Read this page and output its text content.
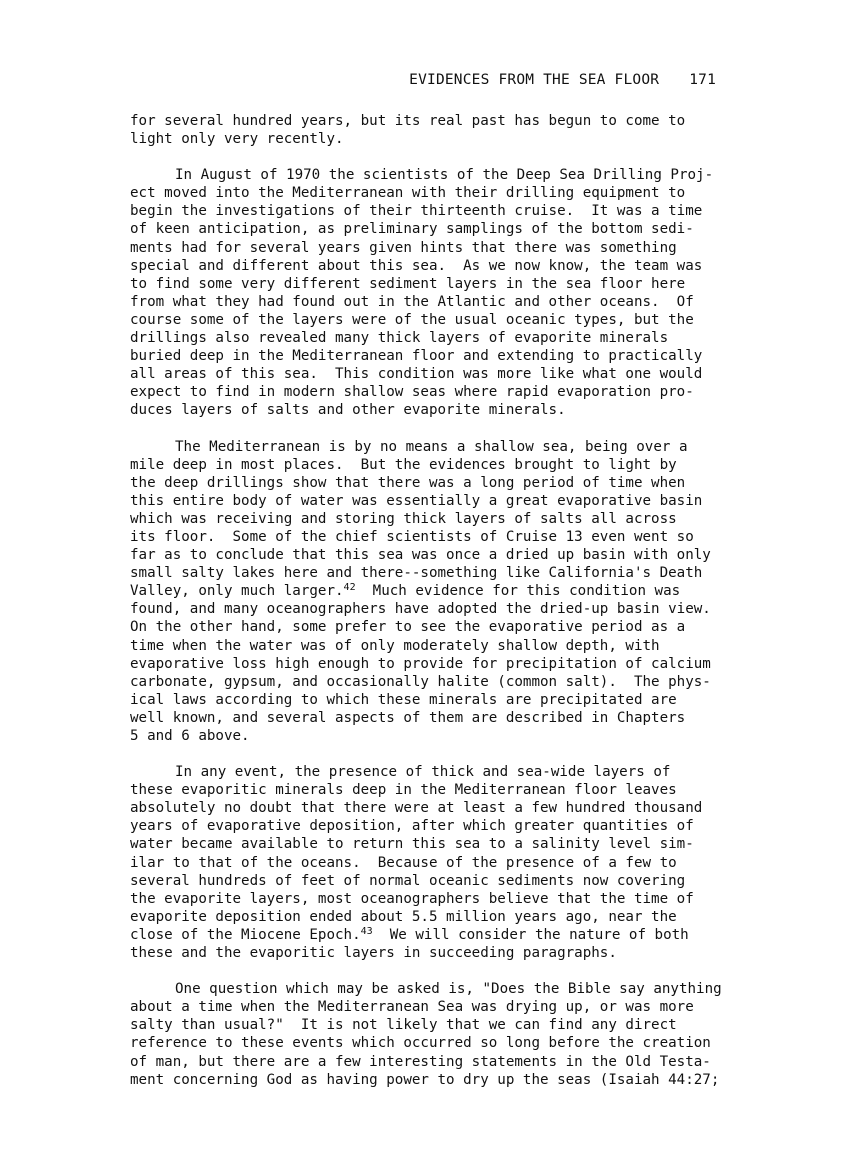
EVIDENCES FROM THE SEA FLOOR 171
for several hundred years, but its real past has begun to come to
light only very recently.
In August of 1970 the scientists of the Deep Sea Drilling Proj-
ect moved into the Mediterranean with their drilling equipment to
begin the investigations of their thirteenth cruise.  It was a time
of keen anticipation, as preliminary samplings of the bottom sedi-
ments had for several years given hints that there was something
special and different about this sea.  As we now know, the team was
to find some very different sediment layers in the sea floor here
from what they had found out in the Atlantic and other oceans.  Of
course some of the layers were of the usual oceanic types, but the
drillings also revealed many thick layers of evaporite minerals
buried deep in the Mediterranean floor and extending to practically
all areas of this sea.  This condition was more like what one would
expect to find in modern shallow seas where rapid evaporation pro-
duces layers of salts and other evaporite minerals.
The Mediterranean is by no means a shallow sea, being over a
mile deep in most places.  But the evidences brought to light by
the deep drillings show that there was a long period of time when
this entire body of water was essentially a great evaporative basin
which was receiving and storing thick layers of salts all across
its floor.  Some of the chief scientists of Cruise 13 even went so
far as to conclude that this sea was once a dried up basin with only
small salty lakes here and there--something like California's Death
Valley, only much larger.$^{42}$  Much evidence for this condition was
found, and many oceanographers have adopted the dried-up basin view.
On the other hand, some prefer to see the evaporative period as a
time when the water was of only moderately shallow depth, with
evaporative loss high enough to provide for precipitation of calcium
carbonate, gypsum, and occasionally halite (common salt).  The phys-
ical laws according to which these minerals are precipitated are
well known, and several aspects of them are described in Chapters
5 and 6 above.
In any event, the presence of thick and sea-wide layers of
these evaporitic minerals deep in the Mediterranean floor leaves
absolutely no doubt that there were at least a few hundred thousand
years of evaporative deposition, after which greater quantities of
water became available to return this sea to a salinity level sim-
ilar to that of the oceans.  Because of the presence of a few to
several hundreds of feet of normal oceanic sediments now covering
the evaporite layers, most oceanographers believe that the time of
evaporite deposition ended about 5.5 million years ago, near the
close of the Miocene Epoch.$^{43}$  We will consider the nature of both
these and the evaporitic layers in succeeding paragraphs.
One question which may be asked is, "Does the Bible say anything
about a time when the Mediterranean Sea was drying up, or was more
salty than usual?"  It is not likely that we can find any direct
reference to these events which occurred so long before the creation
of man, but there are a few interesting statements in the Old Testa-
ment concerning God as having power to dry up the seas (Isaiah 44:27;
